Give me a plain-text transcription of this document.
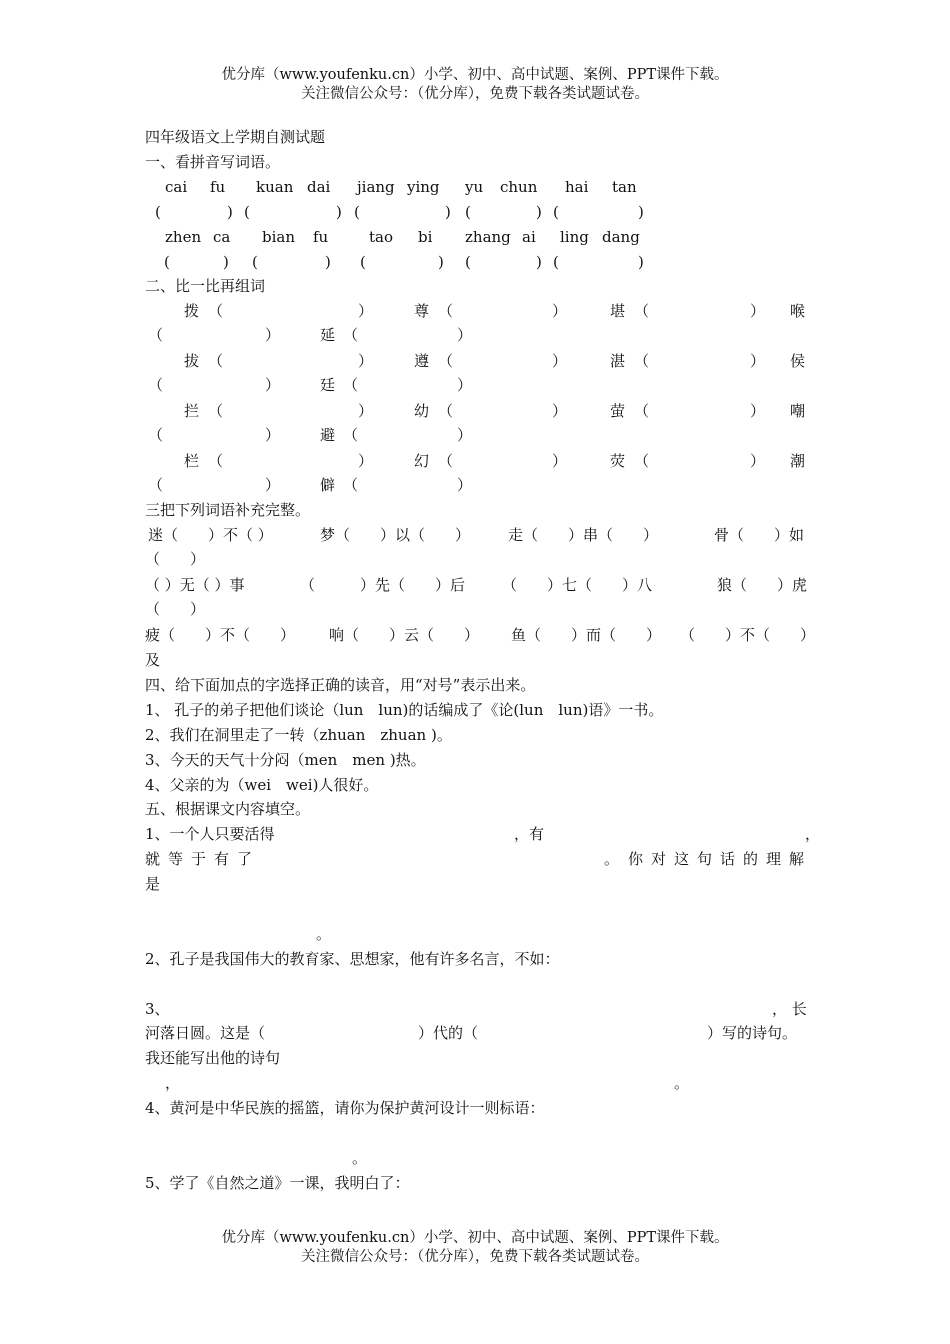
优分库（www.youfenku.cn）小学、初中、高中试题、案例、PPT课件下载。
关注微信公众号：（优分库），免费下载各类试题试卷。
四年级语文上学期自测试题
一、看拼音写词语。
cai fu kuan dai jiang ying yu chun hai tan
(	) (	) (	) (	) (	)
zhen ca bian fu	tao bi zhang ai ling dang
(	) (	) (	) (	) (	)
二、比一比再组词
拨 （	）	尊 （	）	堪 （	） 喉
（	）	延 （	）
拔 （	）	遵 （	）	湛 （	） 侯
（	）	廷 （	）
拦 （	）	幼 （	）	萤 （	） 嘲
（	）	避 （	）
栏 （	）	幻 （	）	荧 （	） 潮
（	）	僻 （	）
三把下列词语补充完整。
迷（　　）不（ ）	梦（　　）以（　　）	走（　　）串（　　）	骨（　　）如
（　　）
（ ）无（ ）事	（　　　）先（　　）后 （　　）七（　　）八	狼（　　）虎
（　　）
疲（　　）不（　　） 响（　　）云（　　） 鱼（　　）而（　　） （　　）不（　　）
及
四、给下面加点的字选择正确的读音，用“对号”表示出来。
1、 孔子的弟子把他们谈论（lun　lun)的话编成了《论(lun　lun)语》一书。
2、我们在洞里走了一转（zhuan　zhuan )。
3、今天的天气十分闷（men　men )热。
4、父亲的为（wei　wei)人很好。
五、根据课文内容填空。
1、一个人只要活得	，有	，
就 等 于 有 了	。 你 对 这 句 话 的 理 解
是
。
2、孔子是我国伟大的教育家、思想家，他有许多名言，不如：
3、	， 长
河落日圆。这是（	）代的（	）写的诗句。
我还能写出他的诗句
，	。
4、黄河是中华民族的摇篮，请你为保护黄河设计一则标语：
。
5、学了《自然之道》一课，我明白了：
优分库（www.youfenku.cn）小学、初中、高中试题、案例、PPT课件下载。
关注微信公众号：（优分库），免费下载各类试题试卷。
